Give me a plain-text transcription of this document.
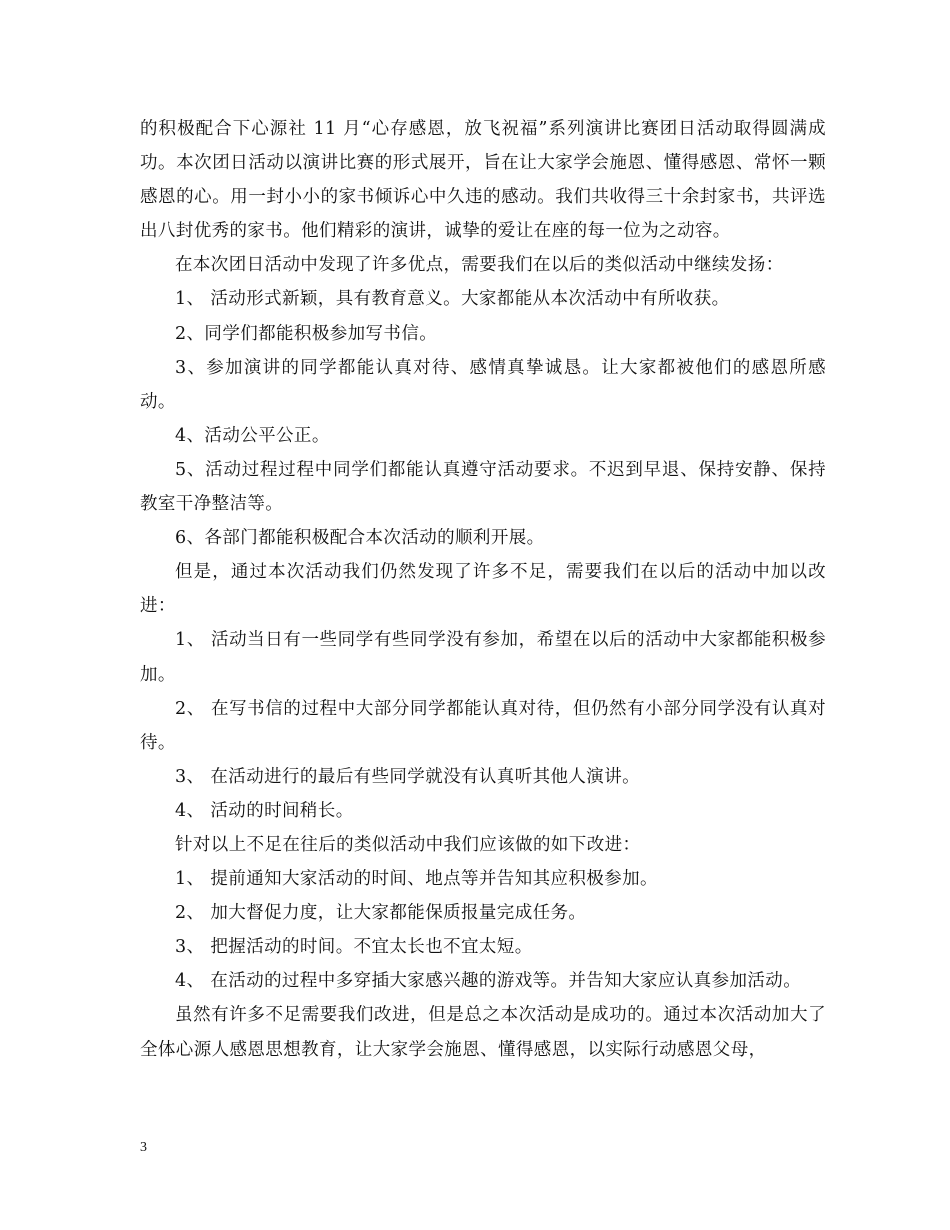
的积极配合下心源社 11 月“心存感恩，放飞祝福”系列演讲比赛团日活动取得圆满成功。本次团日活动以演讲比赛的形式展开，旨在让大家学会施恩、懂得感恩、常怀一颗感恩的心。用一封小小的家书倾诉心中久违的感动。我们共收得三十余封家书，共评选出八封优秀的家书。他们精彩的演讲，诚挚的爱让在座的每一位为之动容。

在本次团日活动中发现了许多优点，需要我们在以后的类似活动中继续发扬：

1、 活动形式新颖，具有教育意义。大家都能从本次活动中有所收获。

2、同学们都能积极参加写书信。

3、参加演讲的同学都能认真对待、感情真挚诚恳。让大家都被他们的感恩所感动。

4、活动公平公正。

5、活动过程过程中同学们都能认真遵守活动要求。不迟到早退、保持安静、保持教室干净整洁等。

6、各部门都能积极配合本次活动的顺利开展。

但是，通过本次活动我们仍然发现了许多不足，需要我们在以后的活动中加以改进：

1、 活动当日有一些同学有些同学没有参加，希望在以后的活动中大家都能积极参加。

2、 在写书信的过程中大部分同学都能认真对待，但仍然有小部分同学没有认真对待。

3、 在活动进行的最后有些同学就没有认真听其他人演讲。

4、 活动的时间稍长。

针对以上不足在往后的类似活动中我们应该做的如下改进：

1、 提前通知大家活动的时间、地点等并告知其应积极参加。

2、 加大督促力度，让大家都能保质报量完成任务。

3、 把握活动的时间。不宜太长也不宜太短。

4、 在活动的过程中多穿插大家感兴趣的游戏等。并告知大家应认真参加活动。

虽然有许多不足需要我们改进，但是总之本次活动是成功的。通过本次活动加大了全体心源人感恩思想教育，让大家学会施恩、懂得感恩，以实际行动感恩父母，

3
